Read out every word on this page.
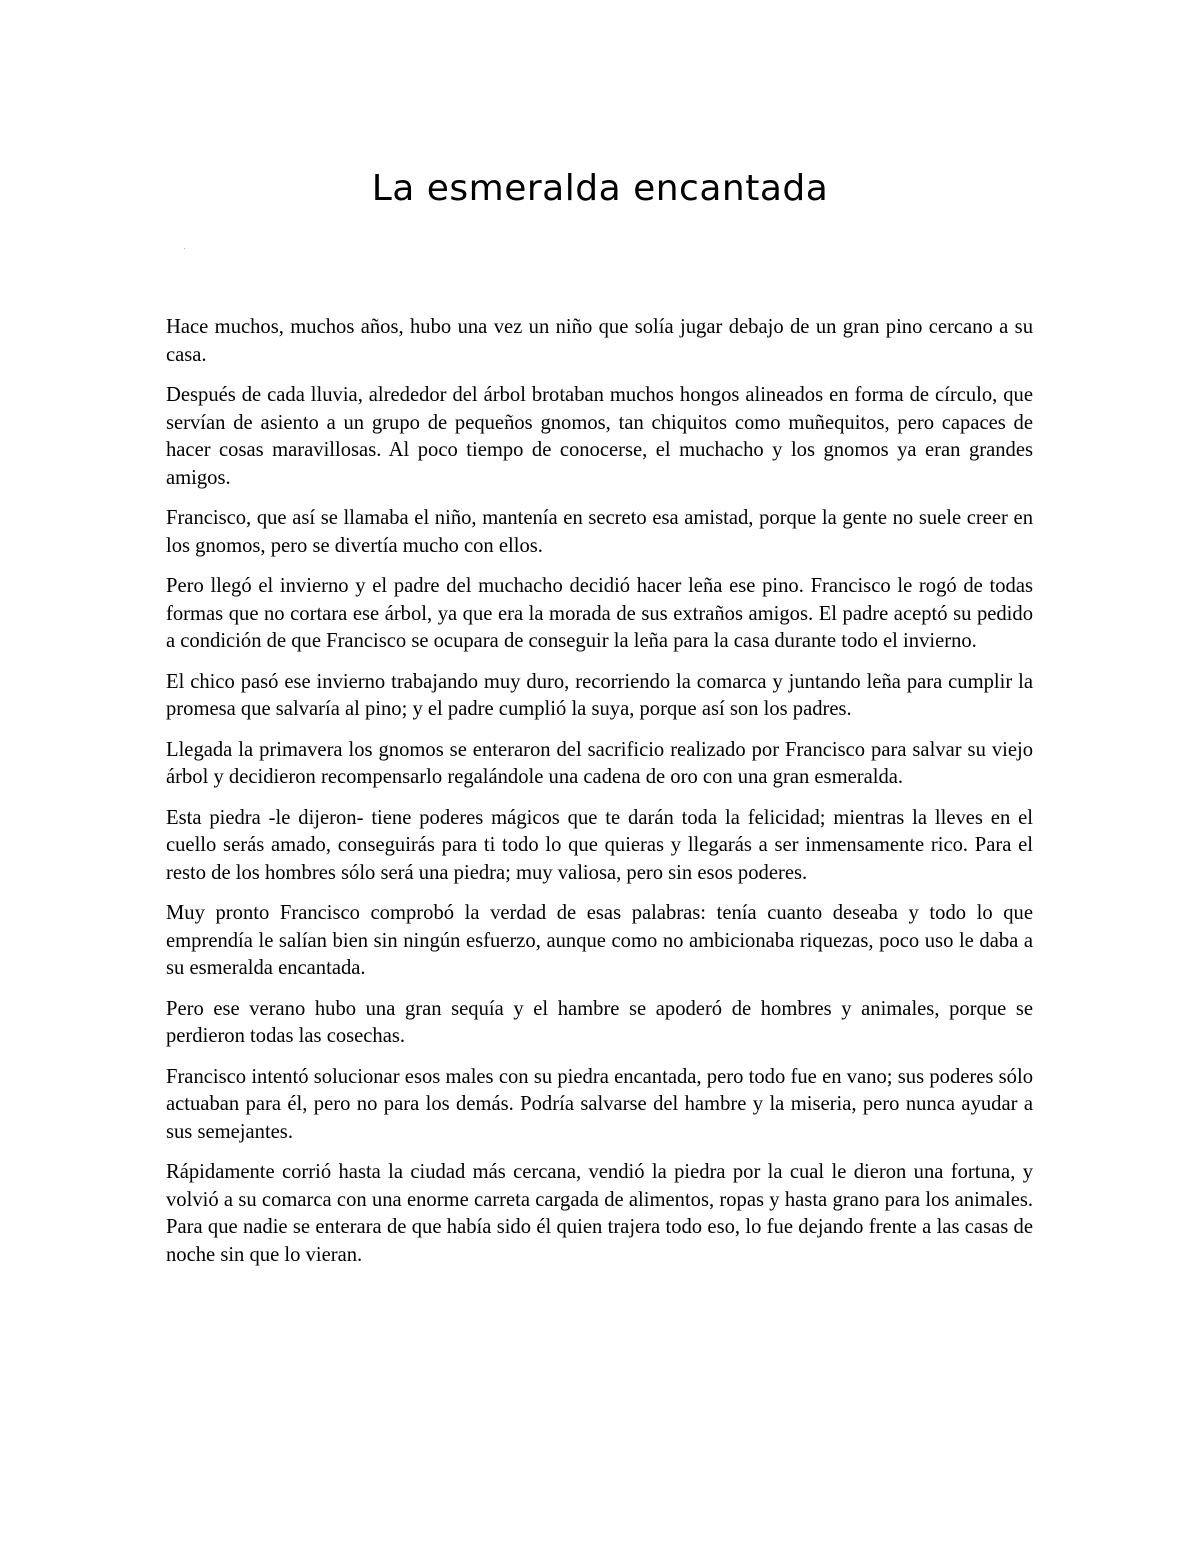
La esmeralda encantada

Hace muchos, muchos años, hubo una vez un niño que solía jugar debajo de un gran pino cercano a su casa.

Después de cada lluvia, alrededor del árbol brotaban muchos hongos alineados en forma de círculo, que servían de asiento a un grupo de pequeños gnomos, tan chiquitos como muñequitos, pero capaces de hacer cosas maravillosas. Al poco tiempo de conocerse, el muchacho y los gnomos ya eran grandes amigos.

Francisco, que así se llamaba el niño, mantenía en secreto esa amistad, porque la gente no suele creer en los gnomos, pero se divertía mucho con ellos.

Pero llegó el invierno y el padre del muchacho decidió hacer leña ese pino. Francisco le rogó de todas formas que no cortara ese árbol, ya que era la morada de sus extraños amigos. El padre aceptó su pedido a condición de que Francisco se ocupara de conseguir la leña para la casa durante todo el invierno.

El chico pasó ese invierno trabajando muy duro, recorriendo la comarca y juntando leña para cumplir la promesa que salvaría al pino; y el padre cumplió la suya, porque así son los padres.

Llegada la primavera los gnomos se enteraron del sacrificio realizado por Francisco para salvar su viejo árbol y decidieron recompensarlo regalándole una cadena de oro con una gran esmeralda.

Esta piedra -le dijeron- tiene poderes mágicos que te darán toda la felicidad; mientras la lleves en el cuello serás amado, conseguirás para ti todo lo que quieras y llegarás a ser inmensamente rico. Para el resto de los hombres sólo será una piedra; muy valiosa, pero sin esos poderes.

Muy pronto Francisco comprobó la verdad de esas palabras: tenía cuanto deseaba y todo lo que emprendía le salían bien sin ningún esfuerzo, aunque como no ambicionaba riquezas, poco uso le daba a su esmeralda encantada.

Pero ese verano hubo una gran sequía y el hambre se apoderó de hombres y animales, porque se perdieron todas las cosechas.

Francisco intentó solucionar esos males con su piedra encantada, pero todo fue en vano; sus poderes sólo actuaban para él, pero no para los demás. Podría salvarse del hambre y la miseria, pero nunca ayudar a sus semejantes.

Rápidamente corrió hasta la ciudad más cercana, vendió la piedra por la cual le dieron una fortuna, y volvió a su comarca con una enorme carreta cargada de alimentos, ropas y hasta grano para los animales. Para que nadie se enterara de que había sido él quien trajera todo eso, lo fue dejando frente a las casas de noche sin que lo vieran.
